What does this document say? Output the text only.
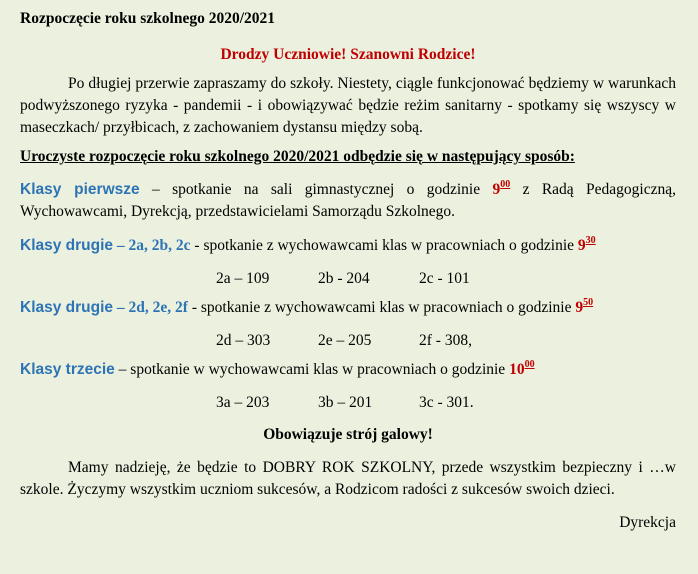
Rozpoczęcie roku szkolnego 2020/2021

Drodzy Uczniowie! Szanowni Rodzice!

Po długiej przerwie zapraszamy do szkoły. Niestety, ciągle funkcjonować będziemy w warunkach podwyższonego ryzyka - pandemii - i obowiązywać będzie reżim sanitarny - spotkamy się wszyscy w maseczkach/ przyłbicach, z zachowaniem dystansu między sobą.

Uroczyste rozpoczęcie roku szkolnego 2020/2021 odbędzie się w następujący sposób:

Klasy pierwsze – spotkanie na sali gimnastycznej o godzinie $9^{00}$ z Radą Pedagogiczną, Wychowawcami, Dyrekcją, przedstawicielami Samorządu Szkolnego.

Klasy drugie – 2a, 2b, 2c - spotkanie z wychowawcami klas w pracowniach o godzinie $9^{30}$

2a – 109	2b - 204	2c - 101

Klasy drugie – 2d, 2e, 2f - spotkanie z wychowawcami klas w pracowniach o godzinie $9^{50}$

2d – 303	2e – 205	2f - 308,

Klasy trzecie – spotkanie w wychowawcami klas w pracowniach o godzinie $10^{00}$

3a – 203	3b – 201	3c - 301.

Obowiązuje strój galowy!

Mamy nadzieję, że będzie to DOBRY ROK SZKOLNY, przede wszystkim bezpieczny i …w szkole. Życzymy wszystkim uczniom sukcesów, a Rodzicom radości z sukcesów swoich dzieci.

Dyrekcja
